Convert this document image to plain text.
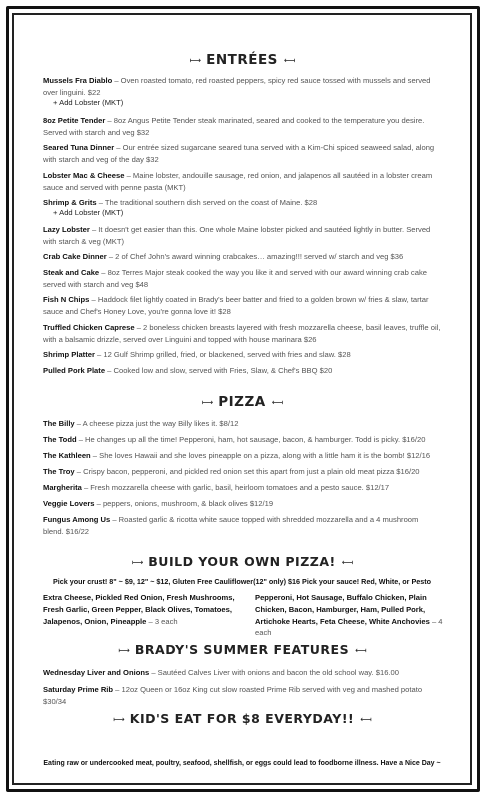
⟼ ENTRÉES ⟻
Mussels Fra Diablo – Oven roasted tomato, red roasted peppers, spicy red sauce tossed with mussels and served over linguini. $22
+ Add Lobster (MKT)
8oz Petite Tender – 8oz Angus Petite Tender steak marinated, seared and cooked to the temperature you desire. Served with starch and veg $32
Seared Tuna Dinner – Our entrée sized sugarcane seared tuna served with a Kim-Chi spiced seaweed salad, along with starch and veg of the day $32
Lobster Mac & Cheese – Maine lobster, andouille sausage, red onion, and jalapenos all sautéed in a lobster cream sauce and served with penne pasta (MKT)
Shrimp & Grits – The traditional southern dish served on the coast of Maine. $28
+ Add Lobster (MKT)
Lazy Lobster – It doesn't get easier than this. One whole Maine lobster picked and sautéed lightly in butter. Served with starch & veg (MKT)
Crab Cake Dinner – 2 of Chef John's award winning crabcakes… amazing!!! served w/ starch and veg $36
Steak and Cake – 8oz Terres Major steak cooked the way you like it and served with our award winning crab cake served with starch and veg $48
Fish N Chips – Haddock filet lightly coated in Brady's beer batter and fried to a golden brown w/ fries & slaw, tartar sauce and Chef's Honey Love, you're gonna love it! $28
Truffled Chicken Caprese – 2 boneless chicken breasts layered with fresh mozzarella cheese, basil leaves, truffle oil, with a balsamic drizzle, served over Linguini and topped with house marinara $26
Shrimp Platter – 12 Gulf Shrimp grilled, fried, or blackened, served with fries and slaw. $28
Pulled Pork Plate – Cooked low and slow, served with Fries, Slaw, & Chef's BBQ $20
⟼ PIZZA ⟻
The Billy – A cheese pizza just the way Billy likes it. $8/12
The Todd – He changes up all the time! Pepperoni, ham, hot sausage, bacon, & hamburger. Todd is picky. $16/20
The Kathleen – She loves Hawaii and she loves pineapple on a pizza, along with a little ham it is the bomb! $12/16
The Troy – Crispy bacon, pepperoni, and pickled red onion set this apart from just a plain old meat pizza $16/20
Margherita – Fresh mozzarella cheese with garlic, basil, heirloom tomatoes and a pesto sauce. $12/17
Veggie Lovers – peppers, onions, mushroom, & black olives $12/19
Fungus Among Us – Roasted garlic & ricotta white sauce topped with shredded mozzarella and a 4 mushroom blend. $16/22
⟼ BUILD YOUR OWN PIZZA! ⟻
Pick your crust! 8" ~ $9, 12" ~ $12, Gluten Free Cauliflower(12" only) $16 Pick your sauce! Red, White, or Pesto
Extra Cheese, Pickled Red Onion, Fresh Mushrooms, Fresh Garlic, Green Pepper, Black Olives, Tomatoes, Jalapenos, Onion, Pineapple – 3 each
Pepperoni, Hot Sausage, Buffalo Chicken, Plain Chicken, Bacon, Hamburger, Ham, Pulled Pork, Artichoke Hearts, Feta Cheese, White Anchovies – 4 each
⟼ BRADY'S SUMMER FEATURES ⟻
Wednesday Liver and Onions – Sautéed Calves Liver with onions and bacon the old school way. $16.00
Saturday Prime Rib – 12oz Queen or 16oz King cut slow roasted Prime Rib served with veg and mashed potato $30/34
⟼ KID'S EAT FOR $8 EVERYDAY!! ⟻
Eating raw or undercooked meat, poultry, seafood, shellfish, or eggs could lead to foodborne illness. Have a Nice Day ~
